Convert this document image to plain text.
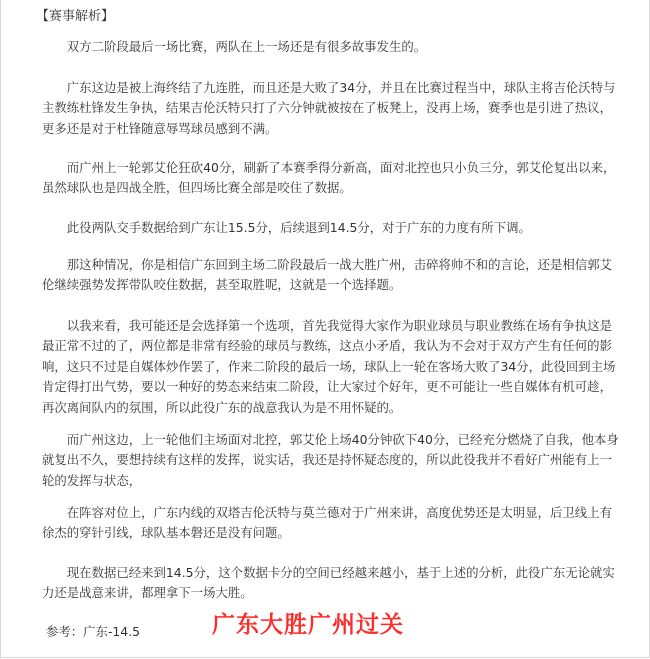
【赛事解析】

双方二阶段最后一场比赛，两队在上一场还是有很多故事发生的。

广东这边是被上海终结了九连胜，而且还是大败了34分，并且在比赛过程当中，球队主将吉伦沃特与主教练杜锋发生争执，结果吉伦沃特只打了六分钟就被按在了板凳上，没再上场，赛季也是引进了热议，更多还是对于杜锋随意辱骂球员感到不满。

而广州上一轮郭艾伦狂砍40分，刷新了本赛季得分新高，面对北控也只小负三分，郭艾伦复出以来，虽然球队也是四战全胜，但四场比赛全部是咬住了数据。

此役两队交手数据给到广东让15.5分，后续退到14.5分，对于广东的力度有所下调。

那这种情况，你是相信广东回到主场二阶段最后一战大胜广州，击碎将帅不和的言论，还是相信郭艾伦继续强势发挥带队咬住数据，甚至取胜呢，这就是一个选择题。

以我来看，我可能还是会选择第一个选项，首先我觉得大家作为职业球员与职业教练在场有争执这是最正常不过的了，两位都是非常有经验的球员与教练，这点小矛盾，我认为不会对于双方产生有任何的影响，这只不过是自媒体炒作罢了，作来二阶段的最后一场，球队上一轮在客场大败了34分，此役回到主场肯定得打出气势，要以一种好的势态来结束二阶段，让大家过个好年，更不可能让一些自媒体有机可趁，再次离间队内的氛围，所以此役广东的战意我认为是不用怀疑的。

而广州这边，上一轮他们主场面对北控，郭艾伦上场40分钟砍下40分，已经充分燃烧了自我，他本身就复出不久，要想持续有这样的发挥，说实话，我还是持怀疑态度的，所以此役我并不看好广州能有上一轮的发挥与状态，

在阵容对位上，广东内线的双塔吉伦沃特与莫兰德对于广州来讲，高度优势还是太明显，后卫线上有徐杰的穿针引线，球队基本磐还是没有问题。

现在数据已经来到14.5分，这个数据卡分的空间已经越来越小，基于上述的分析，此役广东无论就实力还是战意来讲，都理拿下一场大胜。

参考：广东-14.5	广东大胜广州过关
